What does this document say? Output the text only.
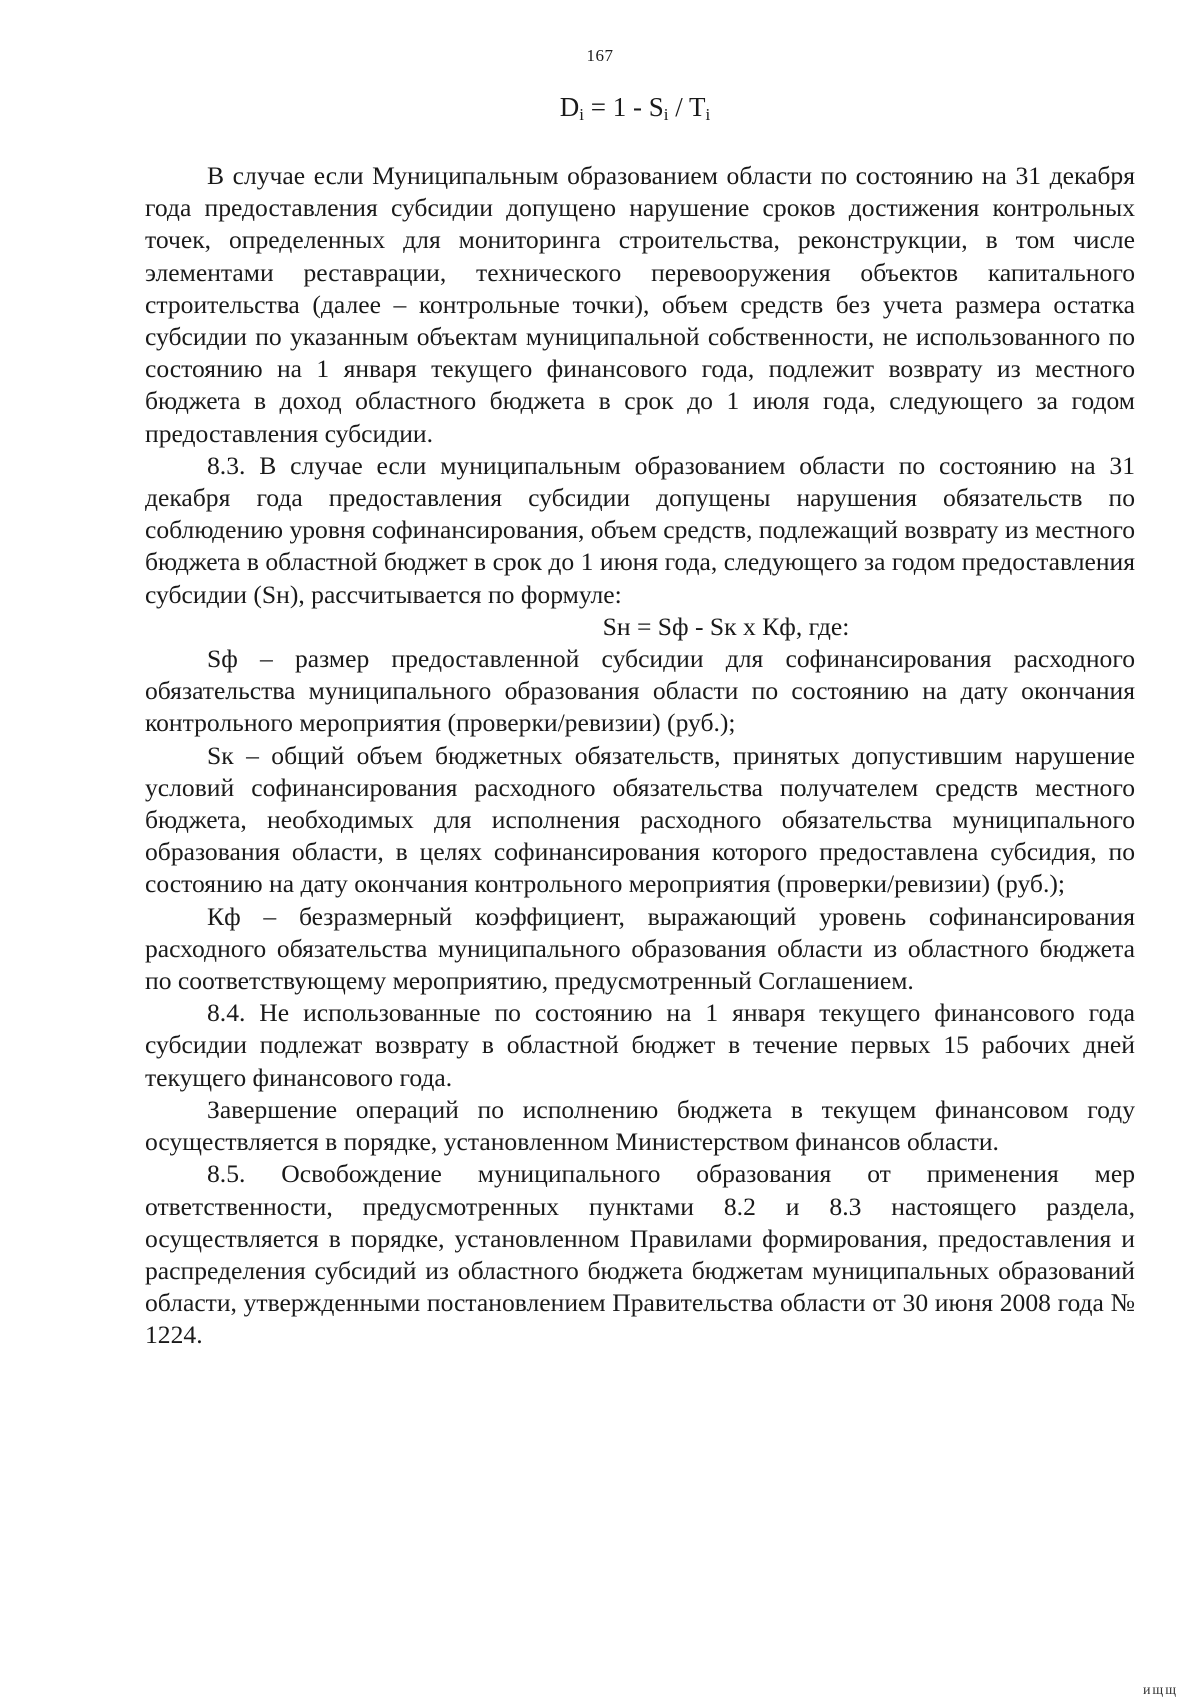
167
$D_i = 1 - S_i / T_i$

В случае если Муниципальным образованием области по состоянию на 31 декабря года предоставления субсидии допущено нарушение сроков достижения контрольных точек, определенных для мониторинга строительства, реконструкции, в том числе элементами реставрации, технического перевооружения объектов капитального строительства (далее – контрольные точки), объем средств без учета размера остатка субсидии по указанным объектам муниципальной собственности, не использованного по состоянию на 1 января текущего финансового года, подлежит возврату из местного бюджета в доход областного бюджета в срок до 1 июля года, следующего за годом предоставления субсидии.

8.3. В случае если муниципальным образованием области по состоянию на 31 декабря года предоставления субсидии допущены нарушения обязательств по соблюдению уровня софинансирования, объем средств, подлежащий возврату из местного бюджета в областной бюджет в срок до 1 июня года, следующего за годом предоставления субсидии (Sн), рассчитывается по формуле:

Sн = Sф - Sк x Кф, где:

Sф – размер предоставленной субсидии для софинансирования расходного обязательства муниципального образования области по состоянию на дату окончания контрольного мероприятия (проверки/ревизии) (руб.);

Sк – общий объем бюджетных обязательств, принятых допустившим нарушение условий софинансирования расходного обязательства получателем средств местного бюджета, необходимых для исполнения расходного обязательства муниципального образования области, в целях софинансирования которого предоставлена субсидия, по состоянию на дату окончания контрольного мероприятия (проверки/ревизии) (руб.);

Кф – безразмерный коэффициент, выражающий уровень софинансирования расходного обязательства муниципального образования области из областного бюджета по соответствующему мероприятию, предусмотренный Соглашением.

8.4. Не использованные по состоянию на 1 января текущего финансового года субсидии подлежат возврату в областной бюджет в течение первых 15 рабочих дней текущего финансового года.

Завершение операций по исполнению бюджета в текущем финансовом году осуществляется в порядке, установленном Министерством финансов области.

8.5. Освобождение муниципального образования от применения мер ответственности, предусмотренных пунктами 8.2 и 8.3 настоящего раздела, осуществляется в порядке, установленном Правилами формирования, предоставления и распределения субсидий из областного бюджета бюджетам муниципальных образований области, утвержденными постановлением Правительства области от 30 июня 2008 года № 1224.

ищщ
